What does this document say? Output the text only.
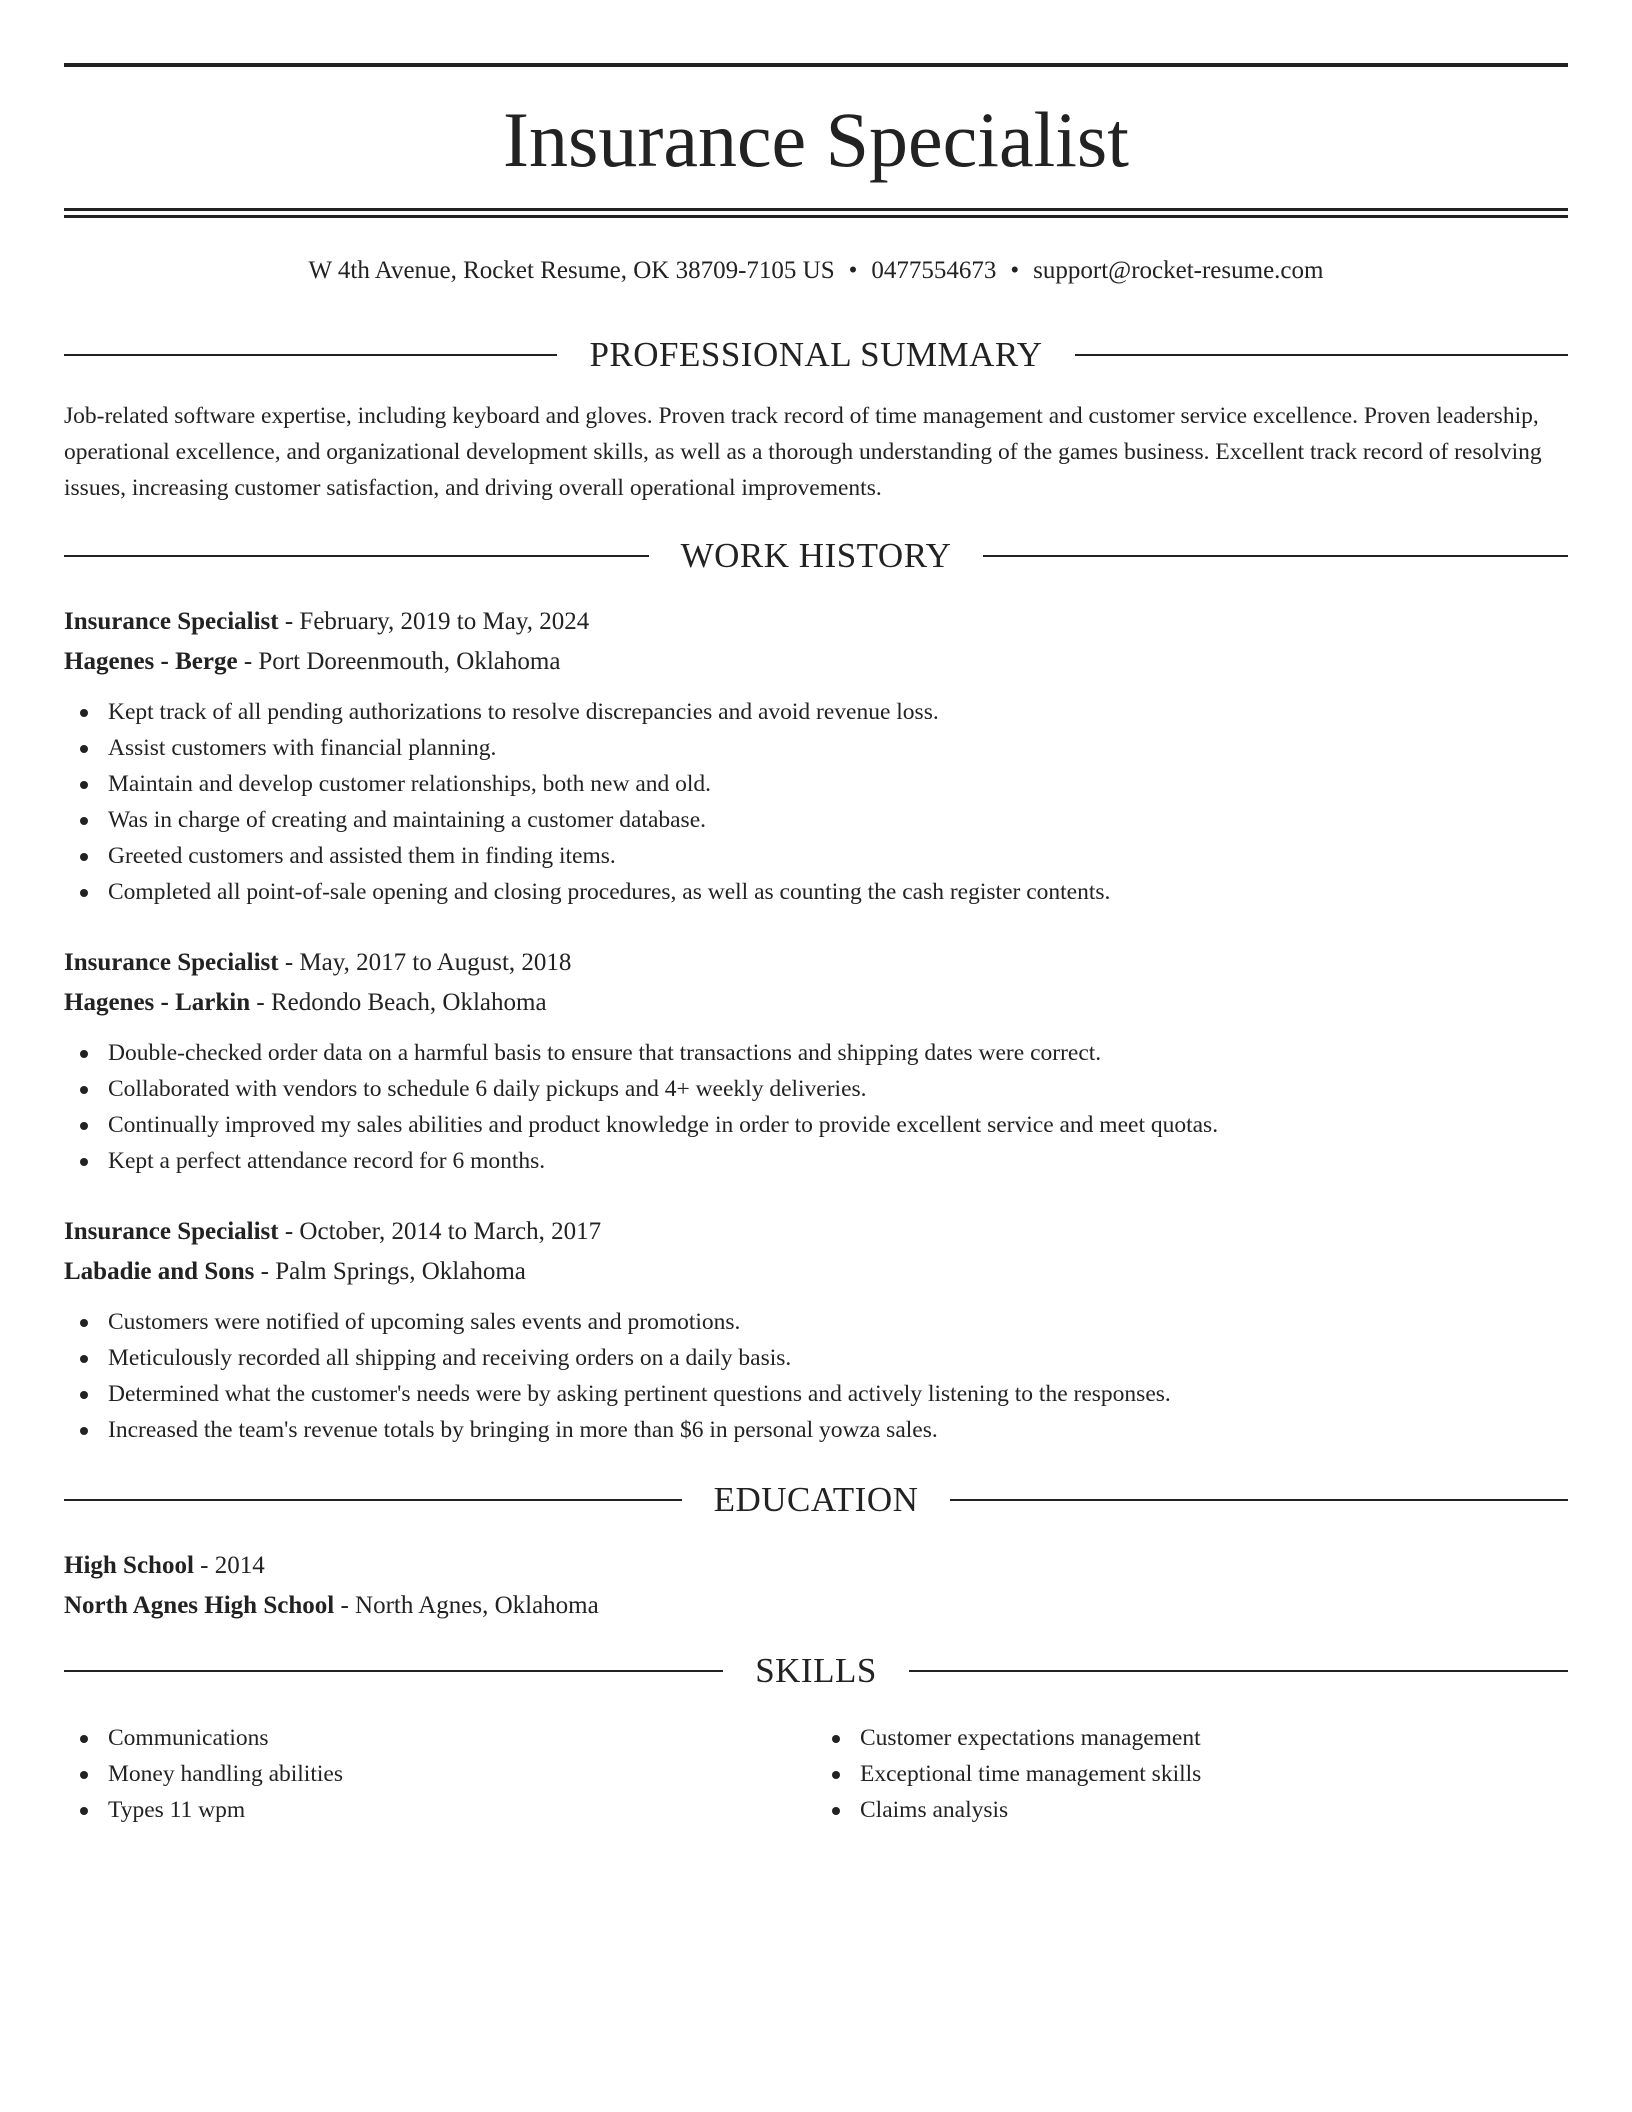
Insurance Specialist
W 4th Avenue, Rocket Resume, OK 38709-7105 US • 0477554673 • support@rocket-resume.com
PROFESSIONAL SUMMARY

Job-related software expertise, including keyboard and gloves. Proven track record of time management and customer service excellence. Proven leadership, operational excellence, and organizational development skills, as well as a thorough understanding of the games business. Excellent track record of resolving issues, increasing customer satisfaction, and driving overall operational improvements.

WORK HISTORY
Insurance Specialist - February, 2019 to May, 2024
Hagenes - Berge - Port Doreenmouth, Oklahoma
Kept track of all pending authorizations to resolve discrepancies and avoid revenue loss.
Assist customers with financial planning.
Maintain and develop customer relationships, both new and old.
Was in charge of creating and maintaining a customer database.
Greeted customers and assisted them in finding items.
Completed all point-of-sale opening and closing procedures, as well as counting the cash register contents.
Insurance Specialist - May, 2017 to August, 2018
Hagenes - Larkin - Redondo Beach, Oklahoma
Double-checked order data on a harmful basis to ensure that transactions and shipping dates were correct.
Collaborated with vendors to schedule 6 daily pickups and 4+ weekly deliveries.
Continually improved my sales abilities and product knowledge in order to provide excellent service and meet quotas.
Kept a perfect attendance record for 6 months.
Insurance Specialist - October, 2014 to March, 2017
Labadie and Sons - Palm Springs, Oklahoma
Customers were notified of upcoming sales events and promotions.
Meticulously recorded all shipping and receiving orders on a daily basis.
Determined what the customer's needs were by asking pertinent questions and actively listening to the responses.
Increased the team's revenue totals by bringing in more than $6 in personal yowza sales.
EDUCATION
High School - 2014
North Agnes High School - North Agnes, Oklahoma
SKILLS
Communications
Money handling abilities
Types 11 wpm
Customer expectations management
Exceptional time management skills
Claims analysis
